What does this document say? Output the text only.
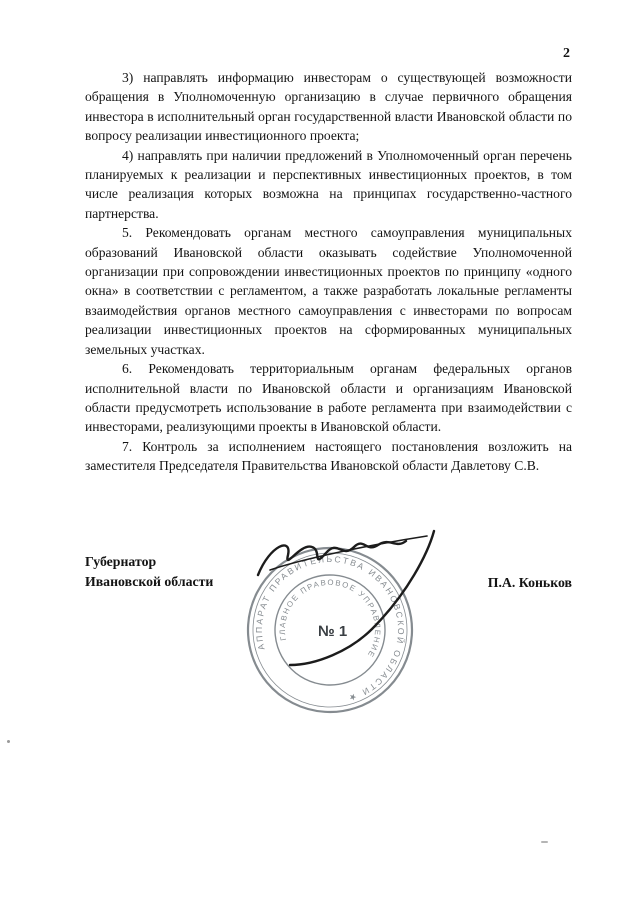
2

3) направлять информацию инвесторам о существующей возможности обращения в Уполномоченную организацию в случае первичного обращения инвестора в исполнительный орган государственной власти Ивановской области по вопросу реализации инвестиционного проекта;

4) направлять при наличии предложений в Уполномоченный орган перечень планируемых к реализации и перспективных инвестиционных проектов, в том числе реализация которых возможна на принципах государственно-частного партнерства.

5. Рекомендовать органам местного самоуправления муниципальных образований Ивановской области оказывать содействие Уполномоченной организации при сопровождении инвестиционных проектов по принципу «одного окна» в соответствии с регламентом, а также разработать локальные регламенты взаимодействия органов местного самоуправления с инвесторами по вопросам реализации инвестиционных проектов на сформированных муниципальных земельных участках.

6. Рекомендовать территориальным органам федеральных органов исполнительной власти по Ивановской области и организациям Ивановской области предусмотреть использование в работе регламента при взаимодействии с инвесторами, реализующими проекты в Ивановской области.

7. Контроль за исполнением настоящего постановления возложить на заместителя Председателя Правительства Ивановской области Давлетову С.В.

Губернатор
Ивановской области	П.А. Коньков
АППАРАТ ПРАВИТЕЛЬСТВА ИВАНОВСКОЙ ОБЛАСТИ ★
ГЛАВНОЕ ПРАВОВОЕ УПРАВЛЕНИЕ
№ 1
